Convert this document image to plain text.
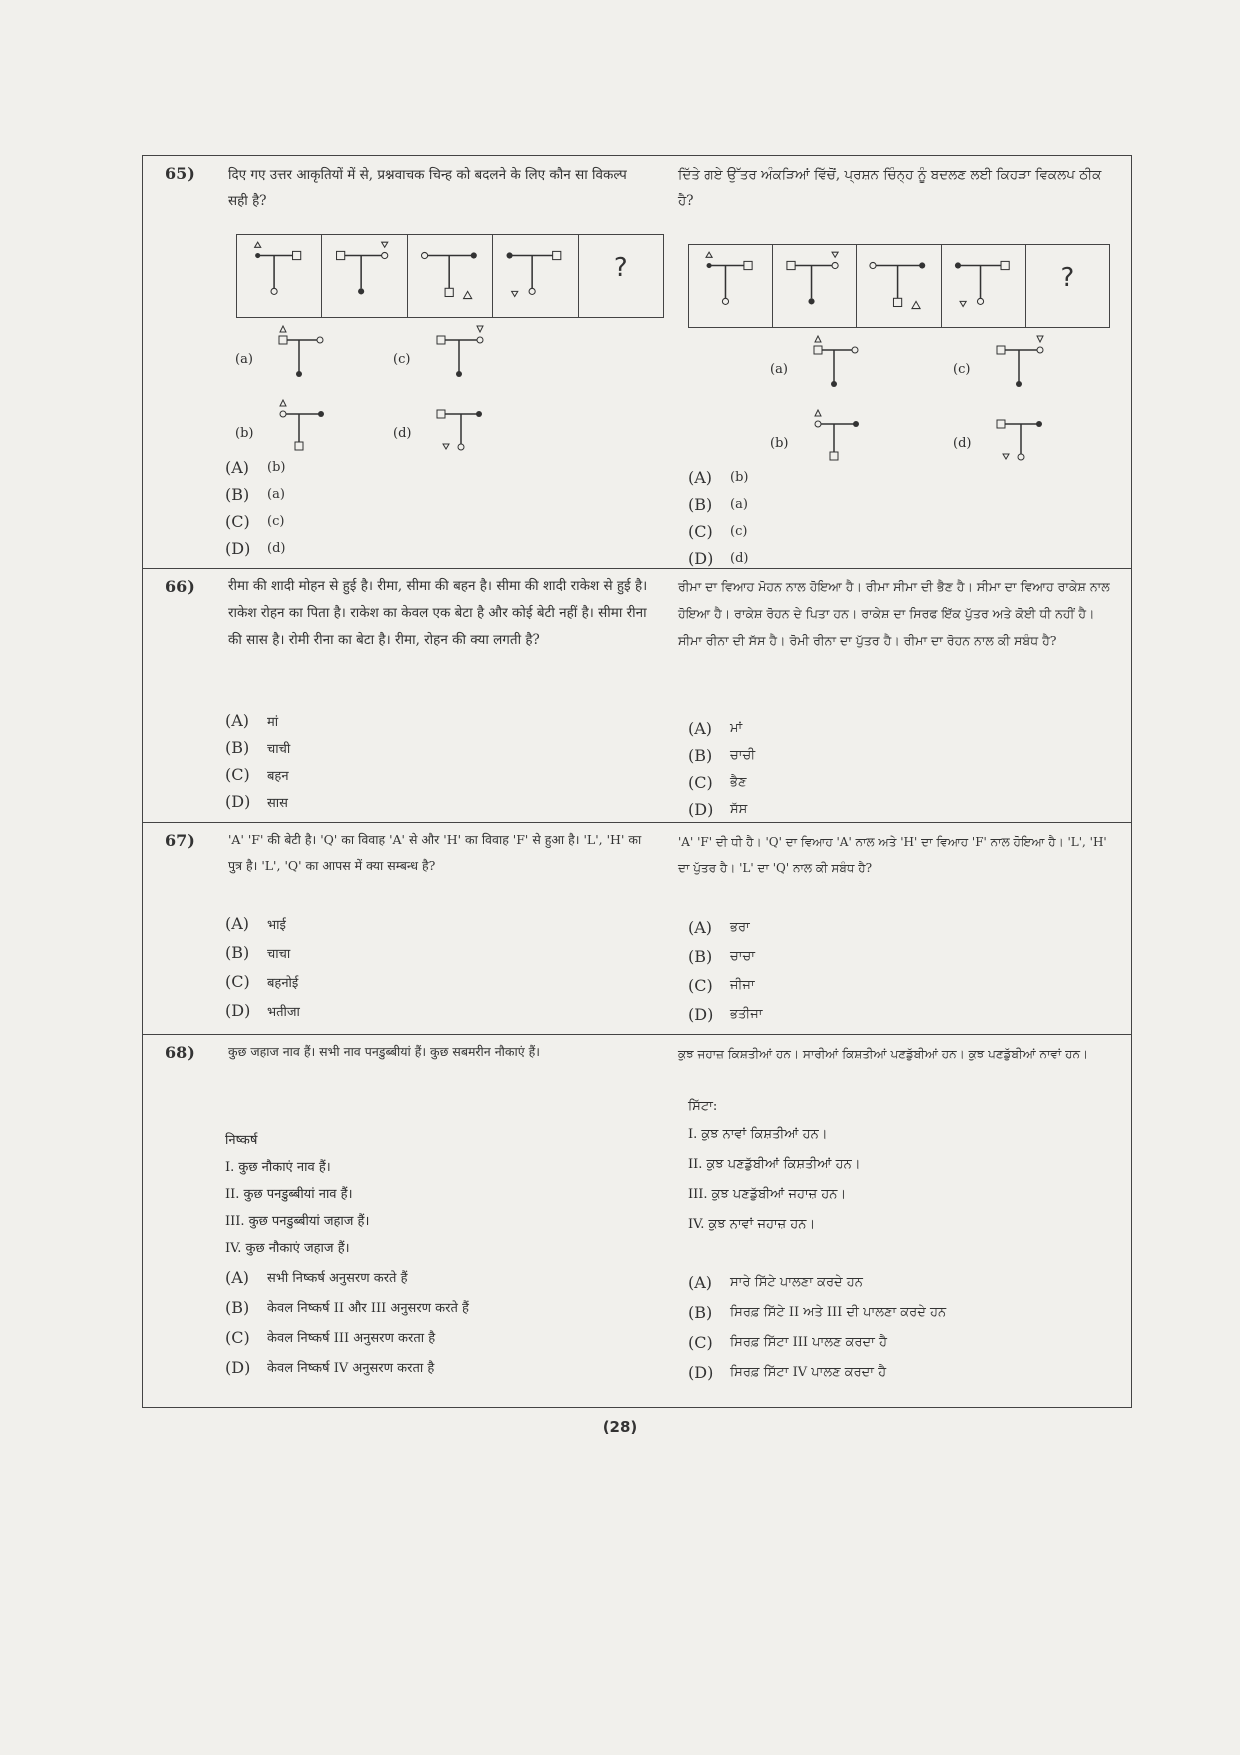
65) दिए गए उत्तर आकृतियों में से, प्रश्नवाचक चिन्ह को बदलने के लिए कौन सा विकल्प सही है?
ਦਿੱਤੇ ਗਏ ਉੱਤਰ ਅੰਕੜਿਆਂ ਵਿੱਚੋਂ, ਪ੍ਰਸ਼ਨ ਚਿੰਨ੍ਹ ਨੂੰ ਬਦਲਣ ਲਈ ਕਿਹੜਾ ਵਿਕਲਪ ਠੀਕ ਹੈ?
?
(a)	(c)
(b)	(d)
?
(a)	(c)
(b)	(d)
(A)	(b)
(B)	(a)
(C)	(c)
(D)	(d)
(A)	(b)
(B)	(a)
(C)	(c)
(D)	(d)
66) रीमा की शादी मोहन से हुई है। रीमा, सीमा की बहन है। सीमा की शादी राकेश से हुई है। राकेश रोहन का पिता है। राकेश का केवल एक बेटा है और कोई बेटी नहीं है। सीमा रीना की सास है। रोमी रीना का बेटा है। रीमा, रोहन की क्या लगती है?
ਰੀਮਾ ਦਾ ਵਿਆਹ ਮੋਹਨ ਨਾਲ ਹੋਇਆ ਹੈ। ਰੀਮਾ ਸੀਮਾ ਦੀ ਭੈਣ ਹੈ। ਸੀਮਾ ਦਾ ਵਿਆਹ ਰਾਕੇਸ਼ ਨਾਲ ਹੋਇਆ ਹੈ। ਰਾਕੇਸ਼ ਰੋਹਨ ਦੇ ਪਿਤਾ ਹਨ। ਰਾਕੇਸ਼ ਦਾ ਸਿਰਫ ਇੱਕ ਪੁੱਤਰ ਅਤੇ ਕੋਈ ਧੀ ਨਹੀਂ ਹੈ। ਸੀਮਾ ਰੀਨਾ ਦੀ ਸੱਸ ਹੈ। ਰੋਮੀ ਰੀਨਾ ਦਾ ਪੁੱਤਰ ਹੈ। ਰੀਮਾ ਦਾ ਰੋਹਨ ਨਾਲ ਕੀ ਸਬੰਧ ਹੈ?
(A)	मां
(B)	चाची
(C)	बहन
(D)	सास
(A)	ਮਾਂ
(B)	ਚਾਚੀ
(C)	ਭੈਣ
(D)	ਸੱਸ
67)	'A' 'F' की बेटी है। 'Q' का विवाह 'A' से और 'H' का विवाह 'F' से हुआ है। 'L', 'H' का पुत्र है। 'L', 'Q' का आपस में क्या सम्बन्ध है?
'A' 'F' ਦੀ ਧੀ ਹੈ। 'Q' ਦਾ ਵਿਆਹ 'A' ਨਾਲ ਅਤੇ 'H' ਦਾ ਵਿਆਹ 'F' ਨਾਲ ਹੋਇਆ ਹੈ। 'L', 'H' ਦਾ ਪੁੱਤਰ ਹੈ। 'L' ਦਾ 'Q' ਨਾਲ ਕੀ ਸਬੰਧ ਹੈ?
(A)	भाई
(B)	चाचा
(C)	बहनोई
(D)	भतीजा
(A)	ਭਰਾ
(B)	ਚਾਚਾ
(C)	ਜੀਜਾ
(D)	ਭਤੀਜਾ
68)	कुछ जहाज नाव हैं। सभी नाव पनडुब्बीयां हैं। कुछ सबमरीन नौकाएं हैं।	ਕੁਝ ਜਹਾਜ਼ ਕਿਸ਼ਤੀਆਂ ਹਨ। ਸਾਰੀਆਂ ਕਿਸ਼ਤੀਆਂ ਪਣਡੁੱਬੀਆਂ ਹਨ। ਕੁਝ ਪਣਡੁੱਬੀਆਂ ਨਾਵਾਂ ਹਨ।
निष्कर्ष
I. कुछ नौकाएं नाव हैं।
II. कुछ पनडुब्बीयां नाव हैं।
III. कुछ पनडुब्बीयां जहाज हैं।
IV. कुछ नौकाएं जहाज हैं।
ਸਿੱਟਾ:
I. ਕੁਝ ਨਾਵਾਂ ਕਿਸ਼ਤੀਆਂ ਹਨ।
II. ਕੁਝ ਪਣਡੁੱਬੀਆਂ ਕਿਸ਼ਤੀਆਂ ਹਨ।
III. ਕੁਝ ਪਣਡੁੱਬੀਆਂ ਜਹਾਜ਼ ਹਨ।
IV. ਕੁਝ ਨਾਵਾਂ ਜਹਾਜ਼ ਹਨ।
(A)	सभी निष्कर्ष अनुसरण करते हैं
(B)	केवल निष्कर्ष II और III अनुसरण करते हैं
(C)	केवल निष्कर्ष III अनुसरण करता है
(D)	केवल निष्कर्ष IV अनुसरण करता है
(A)	ਸਾਰੇ ਸਿੱਟੇ ਪਾਲਣਾ ਕਰਦੇ ਹਨ
(B)	ਸਿਰਫ਼ ਸਿੱਟੇ II ਅਤੇ III ਦੀ ਪਾਲਣਾ ਕਰਦੇ ਹਨ
(C)	ਸਿਰਫ਼ ਸਿੱਟਾ III ਪਾਲਣ ਕਰਦਾ ਹੈ
(D)	ਸਿਰਫ਼ ਸਿੱਟਾ IV ਪਾਲਣ ਕਰਦਾ ਹੈ
(28)
